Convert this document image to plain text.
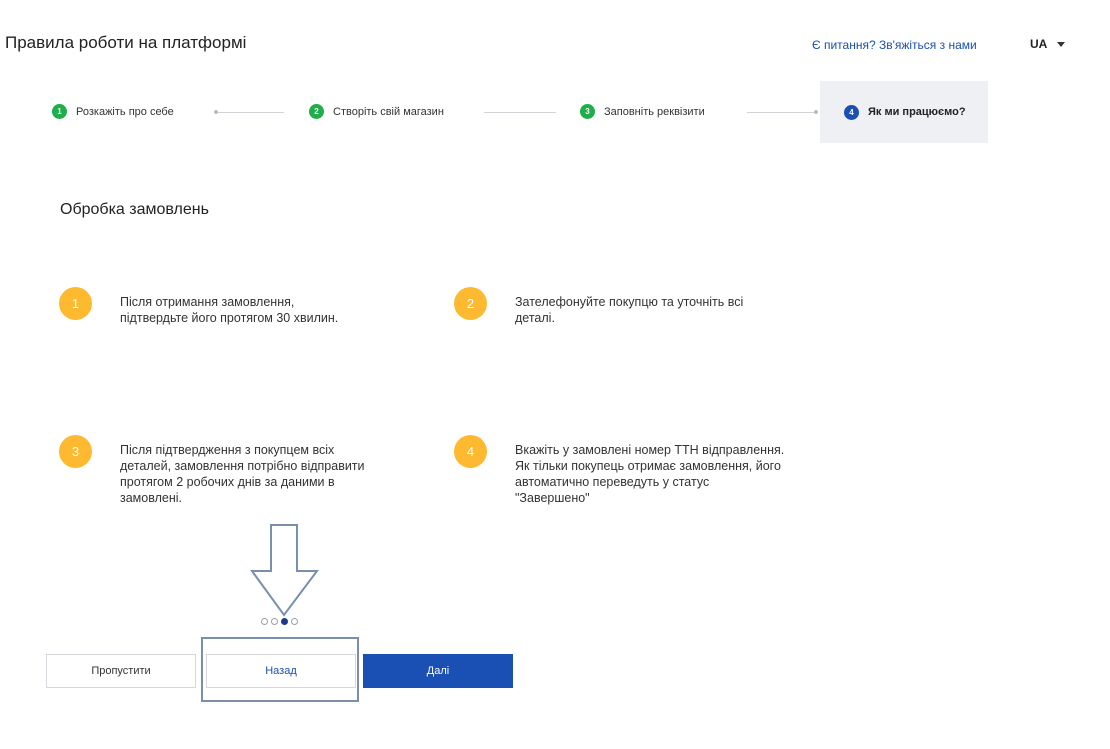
Правила роботи на платформі	Є питання? Зв'яжіться з нами	UA
1	Розкажіть про себе	2	Створіть свій магазин	3	Заповніть реквізити	4	Як ми працюємо?
Обробка замовлень
1	Після отримання замовлення, підтвердьте його протягом 30 хвилин.
2	Зателефонуйте покупцю та уточніть всі деталі.
3	Після підтвердження з покупцем всіх деталей, замовлення потрібно відправити протягом 2 робочих днів за даними в замовлені.
4	Вкажіть у замовлені номер ТТН відправлення. Як тільки покупець отримає замовлення, його автоматично переведуть у статус "Завершено"
Пропустити	Назад	Далі
